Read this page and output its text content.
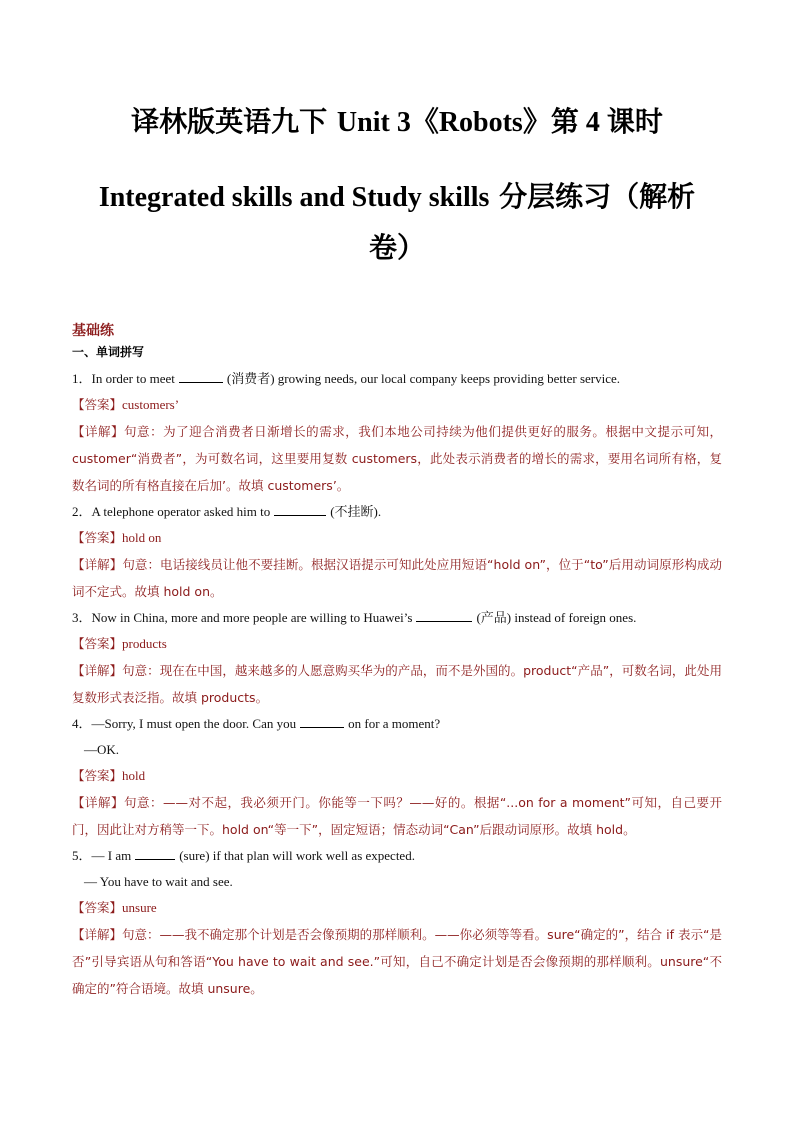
译林版英语九下 Unit 3《Robots》第 4 课时
Integrated skills and Study skills 分层练习（解析
卷）
基础练
一、单词拼写
1．In order to meet	(消费者) growing needs, our local company keeps providing better service.
【答案】customers’
【详解】句意：为了迎合消费者日渐增长的需求，我们本地公司持续为他们提供更好的服务。根据中文提示可知，customer“消费者”，为可数名词，这里要用复数 customers，此处表示消费者的增长的需求，要用名词所有格，复数名词的所有格直接在后加’。故填 customers’。
2．A telephone operator asked him to	(不挂断).
【答案】hold on
【详解】句意：电话接线员让他不要挂断。根据汉语提示可知此处应用短语“hold on”，位于“to”后用动词原形构成动词不定式。故填 hold on。
3．Now in China, more and more people are willing to Huawei’s	(产品) instead of foreign ones.
【答案】products
【详解】句意：现在在中国，越来越多的人愿意购买华为的产品，而不是外国的。product“产品”，可数名词，此处用复数形式表泛指。故填 products。
4．—Sorry, I must open the door. Can you	on for a moment?
—OK.
【答案】hold
【详解】句意：——对不起，我必须开门。你能等一下吗？——好的。根据“...on for a moment”可知，自己要开门，因此让对方稍等一下。hold on“等一下”，固定短语；情态动词“Can”后跟动词原形。故填 hold。
5．— I am	(sure) if that plan will work well as expected.
— You have to wait and see.
【答案】unsure
【详解】句意：——我不确定那个计划是否会像预期的那样顺利。——你必须等等看。sure“确定的”，结合 if 表示“是否”引导宾语从句和答语“You have to wait and see.”可知，自己不确定计划是否会像预期的那样顺利。unsure“不确定的”符合语境。故填 unsure。
